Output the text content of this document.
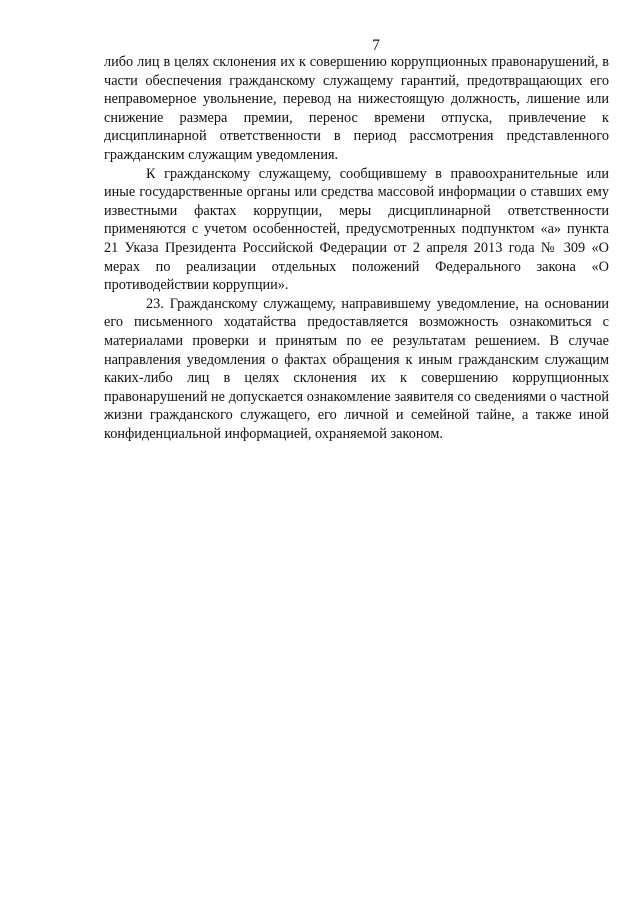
7

либо лиц в целях склонения их к совершению коррупционных правонарушений, в части обеспечения гражданскому служащему гарантий, предотвращающих его неправомерное увольнение, перевод на нижестоящую должность, лишение или снижение размера премии, перенос времени отпуска, привлечение к дисциплинарной ответственности в период рассмотрения представленного гражданским служащим уведомления.

К гражданскому служащему, сообщившему в правоохранительные или иные государственные органы или средства массовой информации о ставших ему известными фактах коррупции, меры дисциплинарной ответственности применяются с учетом особенностей, предусмотренных подпунктом «а» пункта 21 Указа Президента Российской Федерации от 2 апреля 2013 года № 309 «О мерах по реализации отдельных положений Федерального закона «О противодействии коррупции».

23. Гражданскому служащему, направившему уведомление, на основании его письменного ходатайства предоставляется возможность ознакомиться с материалами проверки и принятым по ее результатам решением. В случае направления уведомления о фактах обращения к иным гражданским служащим каких-либо лиц в целях склонения их к совершению коррупционных правонарушений не допускается ознакомление заявителя со сведениями о частной жизни гражданского служащего, его личной и семейной тайне, а также иной конфиденциальной информацией, охраняемой законом.
